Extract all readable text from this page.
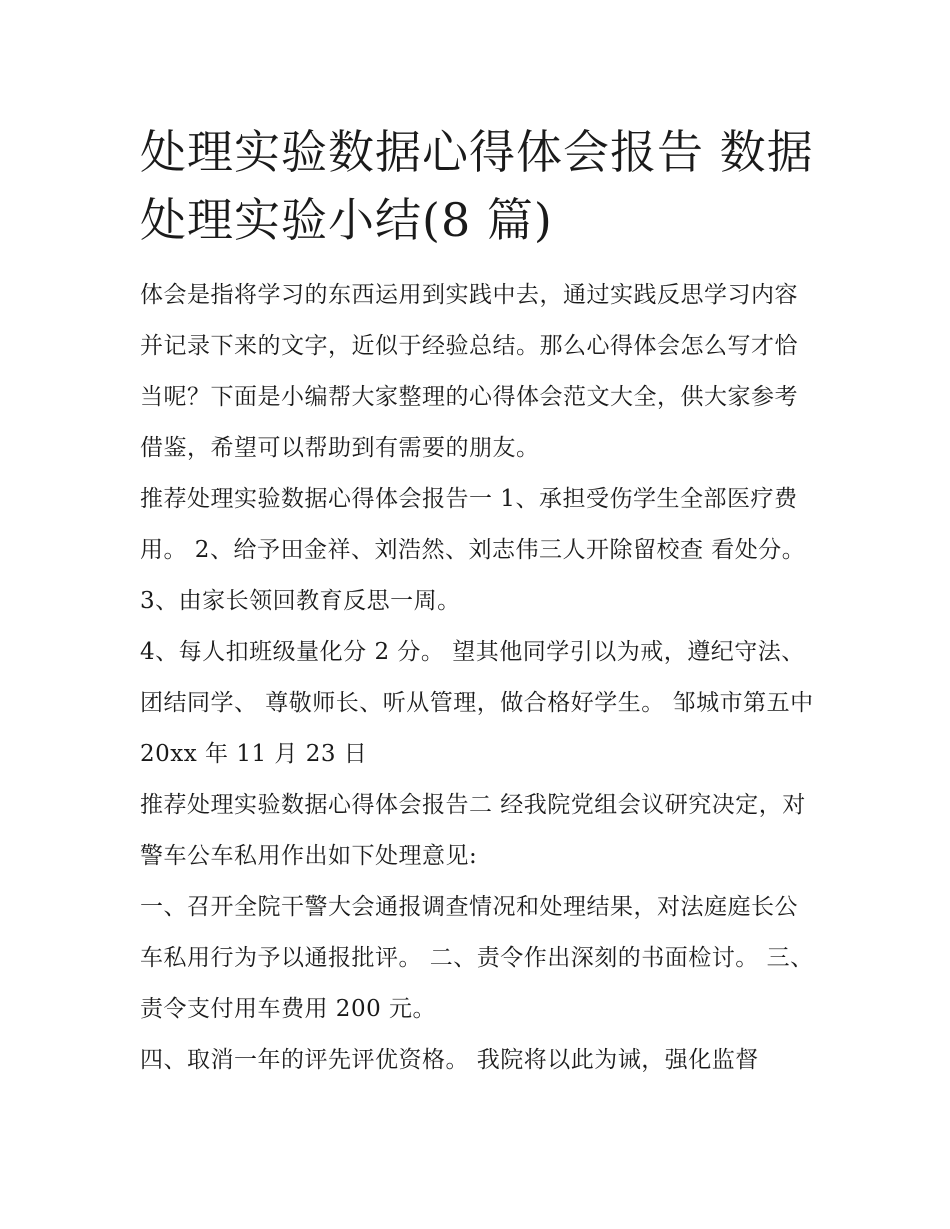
处理实验数据心得体会报告 数据处理实验小结(8 篇)

体会是指将学习的东西运用到实践中去，通过实践反思学习内容并记录下来的文字，近似于经验总结。那么心得体会怎么写才恰当呢？下面是小编帮大家整理的心得体会范文大全，供大家参考借鉴，希望可以帮助到有需要的朋友。

推荐处理实验数据心得体会报告一 1、承担受伤学生全部医疗费用。 2、给予田金祥、刘浩然、刘志伟三人开除留校查 看处分。 3、由家长领回教育反思一周。

4、每人扣班级量化分 2 分。 望其他同学引以为戒，遵纪守法、团结同学、 尊敬师长、听从管理，做合格好学生。 邹城市第五中 20xx 年 11 月 23 日

推荐处理实验数据心得体会报告二 经我院党组会议研究决定，对警车公车私用作出如下处理意见:

一、召开全院干警大会通报调查情况和处理结果，对法庭庭长公车私用行为予以通报批评。 二、责令作出深刻的书面检讨。 三、责令支付用车费用 200 元。

四、取消一年的评先评优资格。 我院将以此为诫，强化监督
